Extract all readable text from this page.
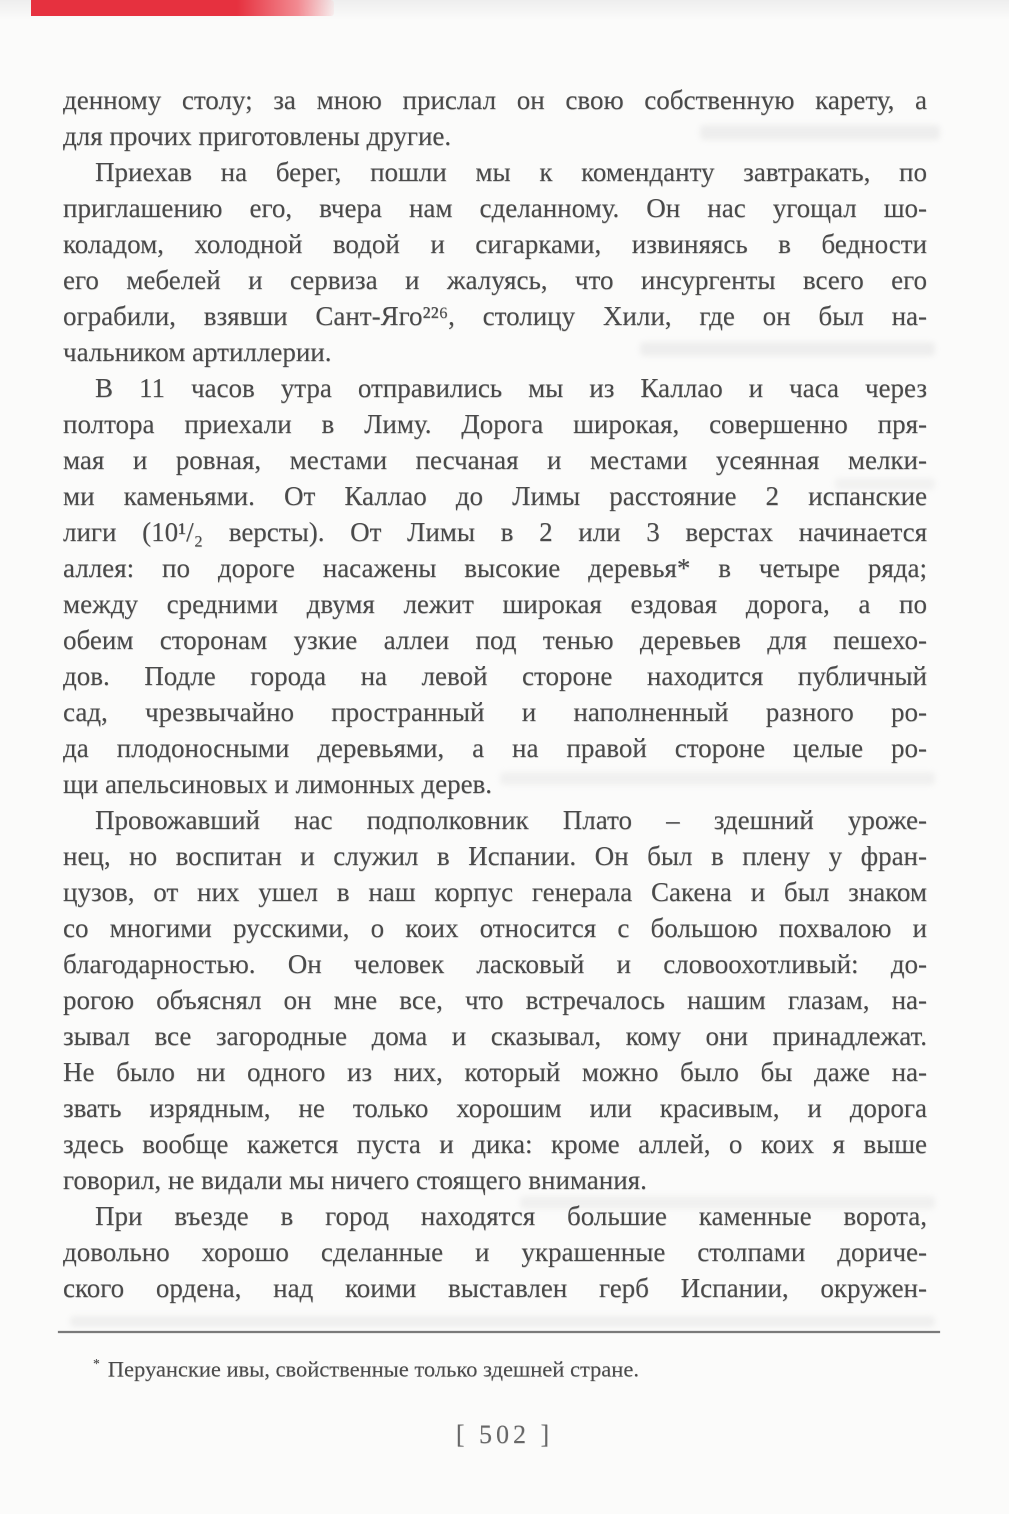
денному столу; за мною прислал он свою собственную карету, а
для прочих приготовлены другие.
Приехав на берег, пошли мы к коменданту завтракать, по
приглашению его, вчера нам сделанному. Он нас угощал шо-
коладом, холодной водой и сигарками, извиняясь в бедности
его мебелей и сервиза и жалуясь, что инсургенты всего его
ограбили, взявши Сант-Яго²²⁶, столицу Хили, где он был на-
чальником артиллерии.
В 11 часов утра отправились мы из Каллао и часа через
полтора приехали в Лиму. Дорога широкая, совершенно пря-
мая и ровная, местами песчаная и местами усеянная мелки-
ми каменьями. От Каллао до Лимы расстояние 2 испанские
лиги (10¹/₂ версты). От Лимы в 2 или 3 верстах начинается
аллея: по дороге насажены высокие деревья* в четыре ряда;
между средними двумя лежит широкая ездовая дорога, а по
обеим сторонам узкие аллеи под тенью деревьев для пешехо-
дов. Подле города на левой стороне находится публичный
сад, чрезвычайно пространный и наполненный разного ро-
да плодоносными деревьями, а на правой стороне целые ро-
щи апельсиновых и лимонных дерев.
Провожавший нас подполковник Плато – здешний уроже-
нец, но воспитан и служил в Испании. Он был в плену у фран-
цузов, от них ушел в наш корпус генерала Сакена и был знаком
со многими русскими, о коих относится с большою похвалою и
благодарностью. Он человек ласковый и словоохотливый: до-
рогою объяснял он мне все, что встречалось нашим глазам, на-
зывал все загородные дома и сказывал, кому они принадлежат.
Не было ни одного из них, который можно было бы даже на-
звать изрядным, не только хорошим или красивым, и дорога
здесь вообще кажется пуста и дика: кроме аллей, о коих я выше
говорил, не видали мы ничего стоящего внимания.
При въезде в город находятся большие каменные ворота,
довольно хорошо сделанные и украшенные столпами дориче-
ского ордена, над коими выставлен герб Испании, окружен-
* Перуанские ивы, свойственные только здешней стране.
[ 502 ]
